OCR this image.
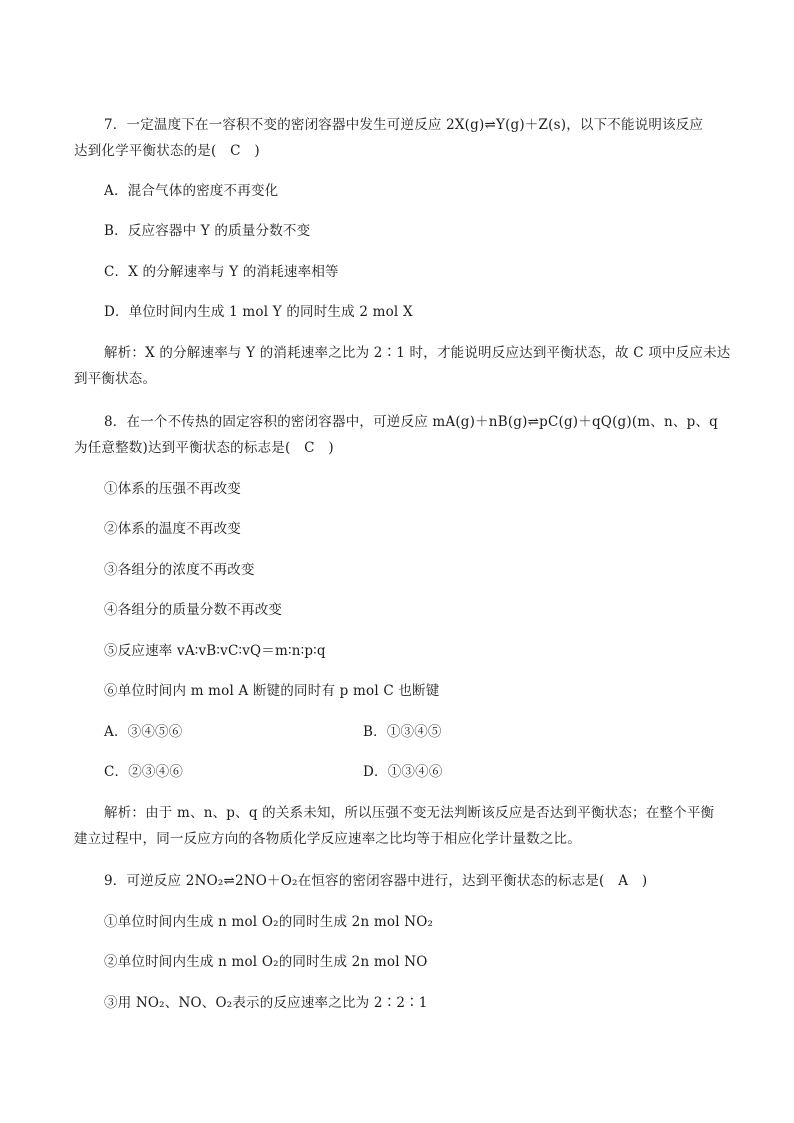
7．一定温度下在一容积不变的密闭容器中发生可逆反应 2X(g)⇌Y(g)＋Z(s)，以下不能说明该反应
达到化学平衡状态的是(　C　)
A．混合气体的密度不再变化
B．反应容器中 Y 的质量分数不变
C．X 的分解速率与 Y 的消耗速率相等
D．单位时间内生成 1 mol Y 的同时生成 2 mol X
解析：X 的分解速率与 Y 的消耗速率之比为 2∶1 时，才能说明反应达到平衡状态，故 C 项中反应未达
到平衡状态。
8．在一个不传热的固定容积的密闭容器中，可逆反应 mA(g)＋nB(g)⇌pC(g)＋qQ(g)(m、n、p、q
为任意整数)达到平衡状态的标志是(　C　)
①体系的压强不再改变
②体系的温度不再改变
③各组分的浓度不再改变
④各组分的质量分数不再改变
⑤反应速率 vA∶vB∶vC∶vQ＝m∶n∶p∶q
⑥单位时间内 m mol A 断键的同时有 p mol C 也断键
A．③④⑤⑥	B．①③④⑤
C．②③④⑥	D．①③④⑥
解析：由于 m、n、p、q 的关系未知，所以压强不变无法判断该反应是否达到平衡状态；在整个平衡
建立过程中，同一反应方向的各物质化学反应速率之比均等于相应化学计量数之比。
9．可逆反应 2NO₂⇌2NO＋O₂在恒容的密闭容器中进行，达到平衡状态的标志是(　A　)
①单位时间内生成 n mol O₂的同时生成 2n mol NO₂
②单位时间内生成 n mol O₂的同时生成 2n mol NO
③用 NO₂、NO、O₂表示的反应速率之比为 2∶2∶1
